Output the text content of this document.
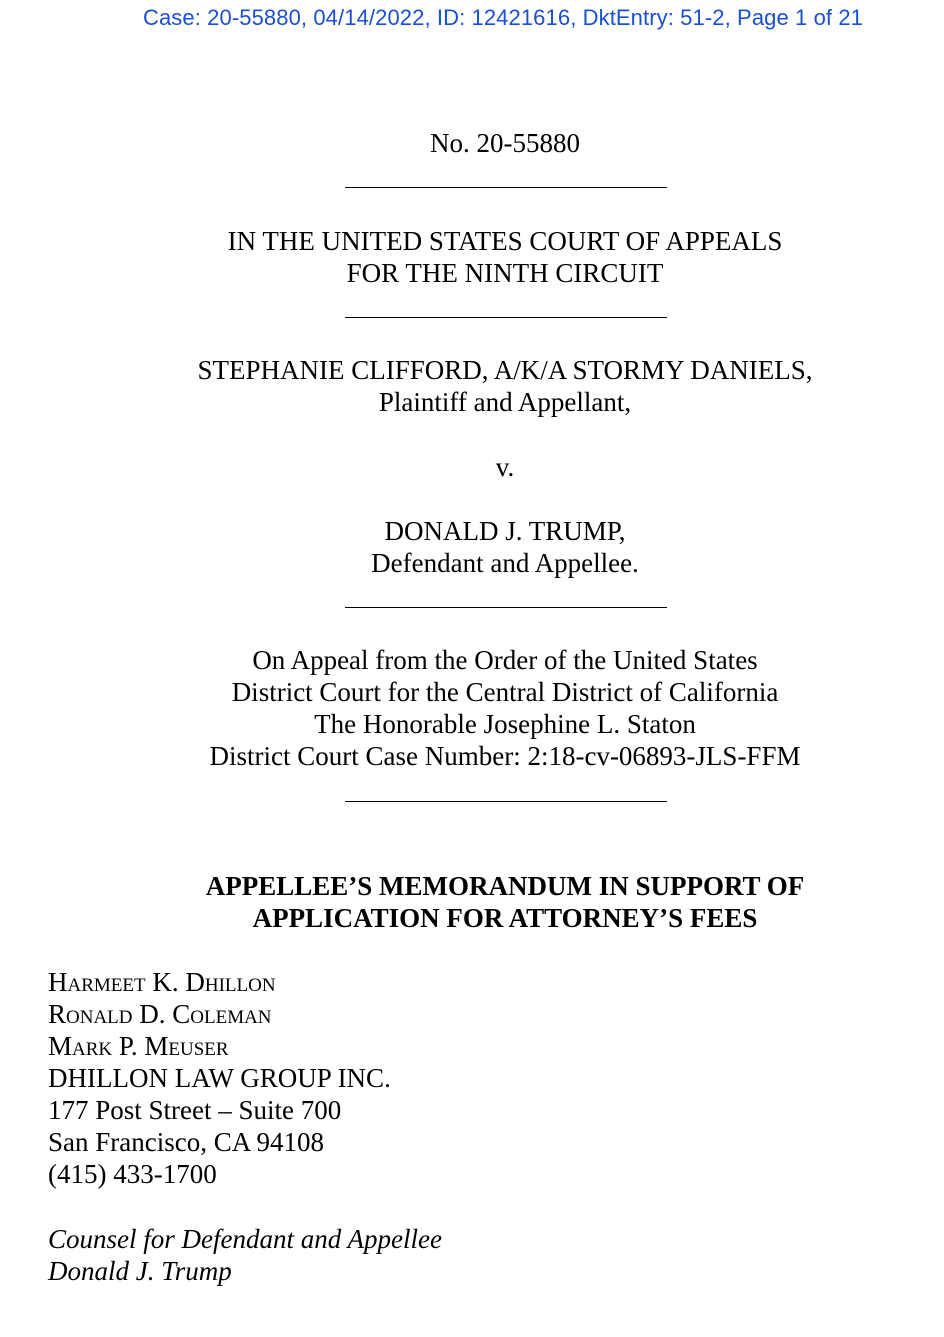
Case: 20-55880, 04/14/2022, ID: 12421616, DktEntry: 51-2, Page 1 of 21
No. 20-55880
IN THE UNITED STATES COURT OF APPEALS
FOR THE NINTH CIRCUIT
STEPHANIE CLIFFORD, A/K/A STORMY DANIELS,
Plaintiff and Appellant,
v.
DONALD J. TRUMP,
Defendant and Appellee.
On Appeal from the Order of the United States
District Court for the Central District of California
The Honorable Josephine L. Staton
District Court Case Number: 2:18-cv-06893-JLS-FFM
APPELLEE’S MEMORANDUM IN SUPPORT OF
APPLICATION FOR ATTORNEY’S FEES
Harmeet K. Dhillon
Ronald D. Coleman
Mark P. Meuser
DHILLON LAW GROUP INC.
177 Post Street – Suite 700
San Francisco, CA 94108
(415) 433-1700
Counsel for Defendant and Appellee
Donald J. Trump
